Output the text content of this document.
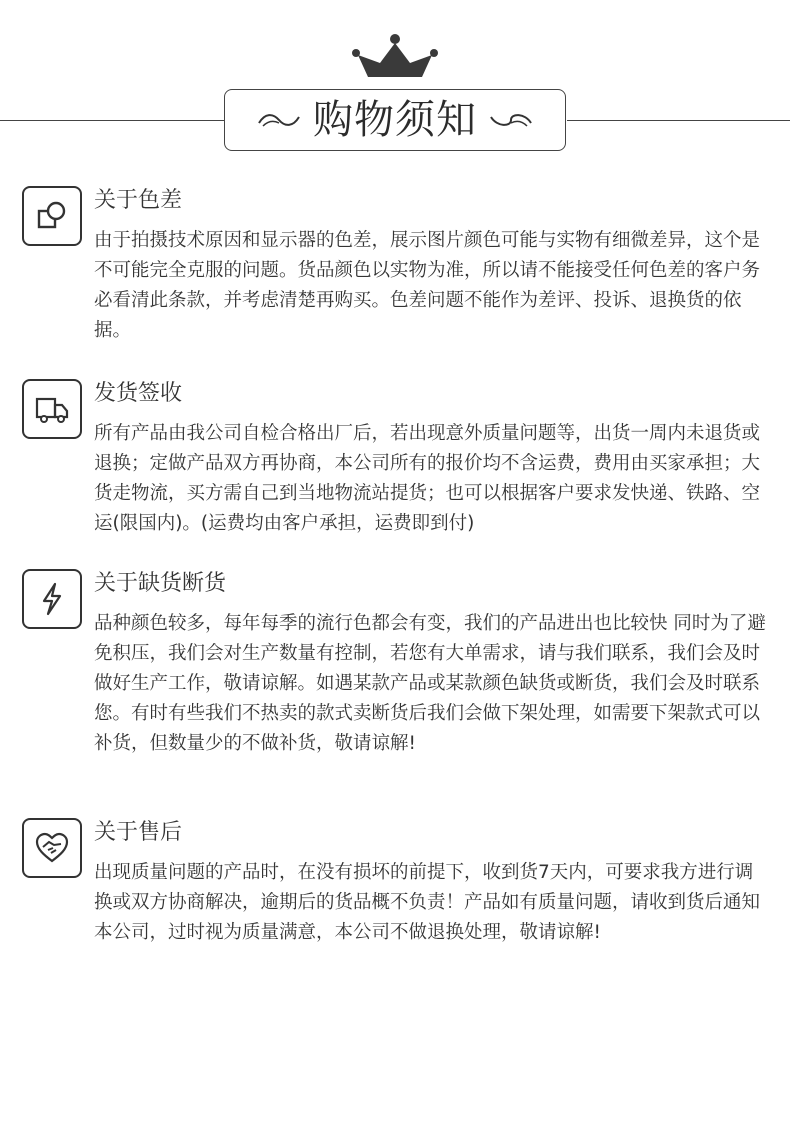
购物须知
关于色差
由于拍摄技术原因和显示器的色差，展示图片颜色可能与实物有细微差异，这个是不可能完全克服的问题。货品颜色以实物为准，所以请不能接受任何色差的客户务必看清此条款，并考虑清楚再购买。色差问题不能作为差评、投诉、退换货的依据。
发货签收
所有产品由我公司自检合格出厂后，若出现意外质量问题等，出货一周内未退货或退换；定做产品双方再协商，本公司所有的报价均不含运费，费用由买家承担；大货走物流，买方需自己到当地物流站提货；也可以根据客户要求发快递、铁路、空运(限国内)。(运费均由客户承担，运费即到付)
关于缺货断货
品种颜色较多，每年每季的流行色都会有变，我们的产品进出也比较快 同时为了避免积压，我们会对生产数量有控制，若您有大单需求，请与我们联系，我们会及时做好生产工作，敬请谅解。如遇某款产品或某款颜色缺货或断货，我们会及时联系您。有时有些我们不热卖的款式卖断货后我们会做下架处理，如需要下架款式可以补货，但数量少的不做补货，敬请谅解!
关于售后
出现质量问题的产品时，在没有损坏的前提下，收到货7天内，可要求我方进行调换或双方协商解决，逾期后的货品概不负责！产品如有质量问题，请收到货后通知本公司，过时视为质量满意，本公司不做退换处理，敬请谅解!
